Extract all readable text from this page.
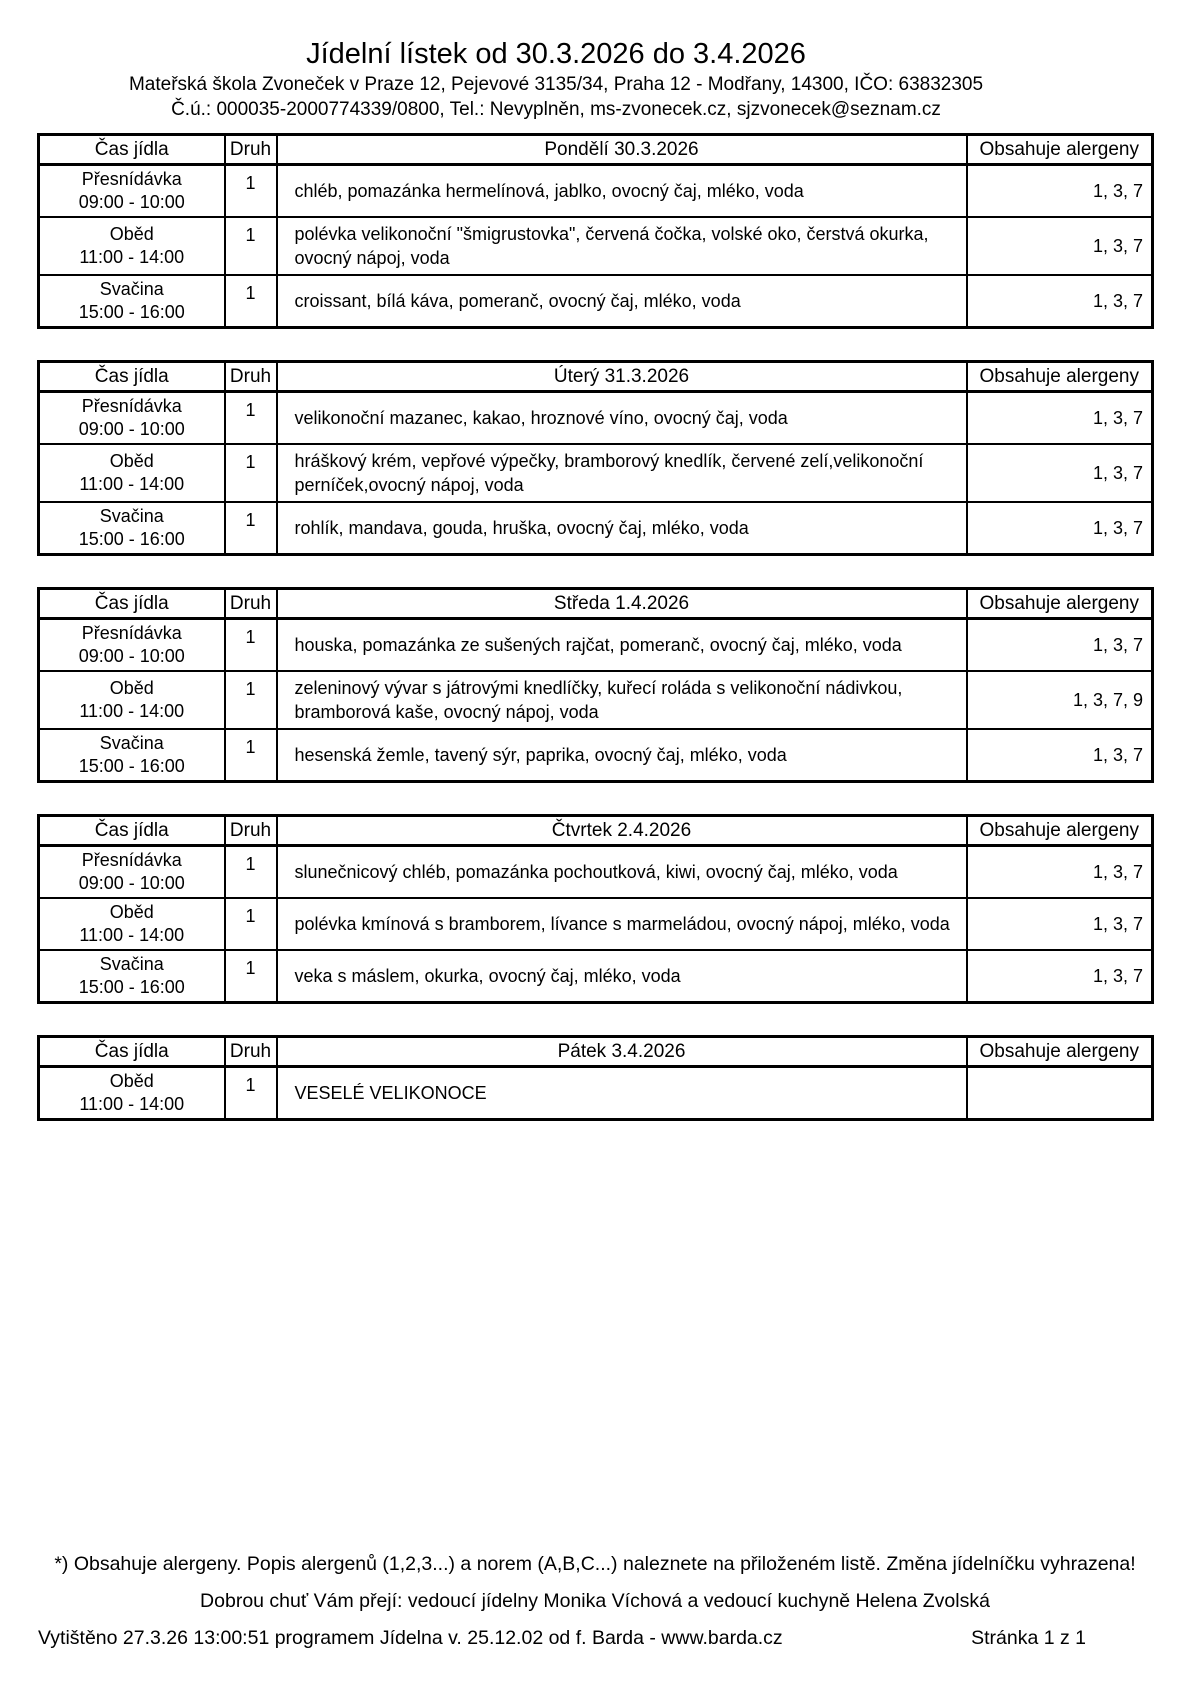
Jídelní lístek od 30.3.2026 do 3.4.2026

Mateřská škola Zvoneček v Praze 12, Pejevové 3135/34, Praha 12 - Modřany, 14300, IČO: 63832305

Č.ú.: 000035-2000774339/0800, Tel.: Nevyplněn, ms-zvonecek.cz, sjzvonecek@seznam.cz

Čas jídla	Druh	Pondělí 30.3.2026	Obsahuje alergeny

Přesnídávka
09:00 - 10:00	1	chléb, pomazánka hermelínová, jablko, ovocný čaj, mléko, voda	1, 3, 7

Oběd
11:00 - 14:00	1	polévka velikonoční "šmigrustovka", červená čočka, volské oko, čerstvá okurka, ovocný nápoj, voda	1, 3, 7

Svačina
15:00 - 16:00	1	croissant, bílá káva, pomeranč, ovocný čaj, mléko, voda	1, 3, 7
Čas jídla	Druh	Úterý 31.3.2026	Obsahuje alergeny

Přesnídávka
09:00 - 10:00	1	velikonoční mazanec, kakao, hroznové víno, ovocný čaj, voda	1, 3, 7

Oběd
11:00 - 14:00	1	hráškový krém, vepřové výpečky, bramborový knedlík, červené zelí,velikonoční perníček,ovocný nápoj, voda	1, 3, 7

Svačina
15:00 - 16:00	1	rohlík, mandava, gouda, hruška, ovocný čaj, mléko, voda	1, 3, 7
Čas jídla	Druh	Středa 1.4.2026	Obsahuje alergeny

Přesnídávka
09:00 - 10:00	1	houska, pomazánka ze sušených rajčat, pomeranč, ovocný čaj, mléko, voda	1, 3, 7

Oběd
11:00 - 14:00	1	zeleninový vývar s játrovými knedlíčky, kuřecí roláda s velikonoční nádivkou, bramborová kaše, ovocný nápoj, voda	1, 3, 7, 9

Svačina
15:00 - 16:00	1	hesenská žemle, tavený sýr, paprika, ovocný čaj, mléko, voda	1, 3, 7
Čas jídla	Druh	Čtvrtek 2.4.2026	Obsahuje alergeny

Přesnídávka
09:00 - 10:00	1	slunečnicový chléb, pomazánka pochoutková, kiwi, ovocný čaj, mléko, voda	1, 3, 7

Oběd
11:00 - 14:00	1	polévka kmínová s bramborem, lívance s marmeládou, ovocný nápoj, mléko, voda	1, 3, 7

Svačina
15:00 - 16:00	1	veka s máslem, okurka, ovocný čaj, mléko, voda	1, 3, 7
Čas jídla	Druh	Pátek 3.4.2026	Obsahuje alergeny

Oběd
11:00 - 14:00	1	VESELÉ VELIKONOCE	
*) Obsahuje alergeny. Popis alergenů (1,2,3...) a norem (A,B,C...) naleznete na přiloženém listě. Změna jídelníčku vyhrazena!
Dobrou chuť Vám přejí: vedoucí jídelny Monika Víchová a vedoucí kuchyně Helena Zvolská
Vytištěno 27.3.26 13:00:51 programem Jídelna v. 25.12.02 od f. Barda - www.barda.cz	Stránka 1 z 1
